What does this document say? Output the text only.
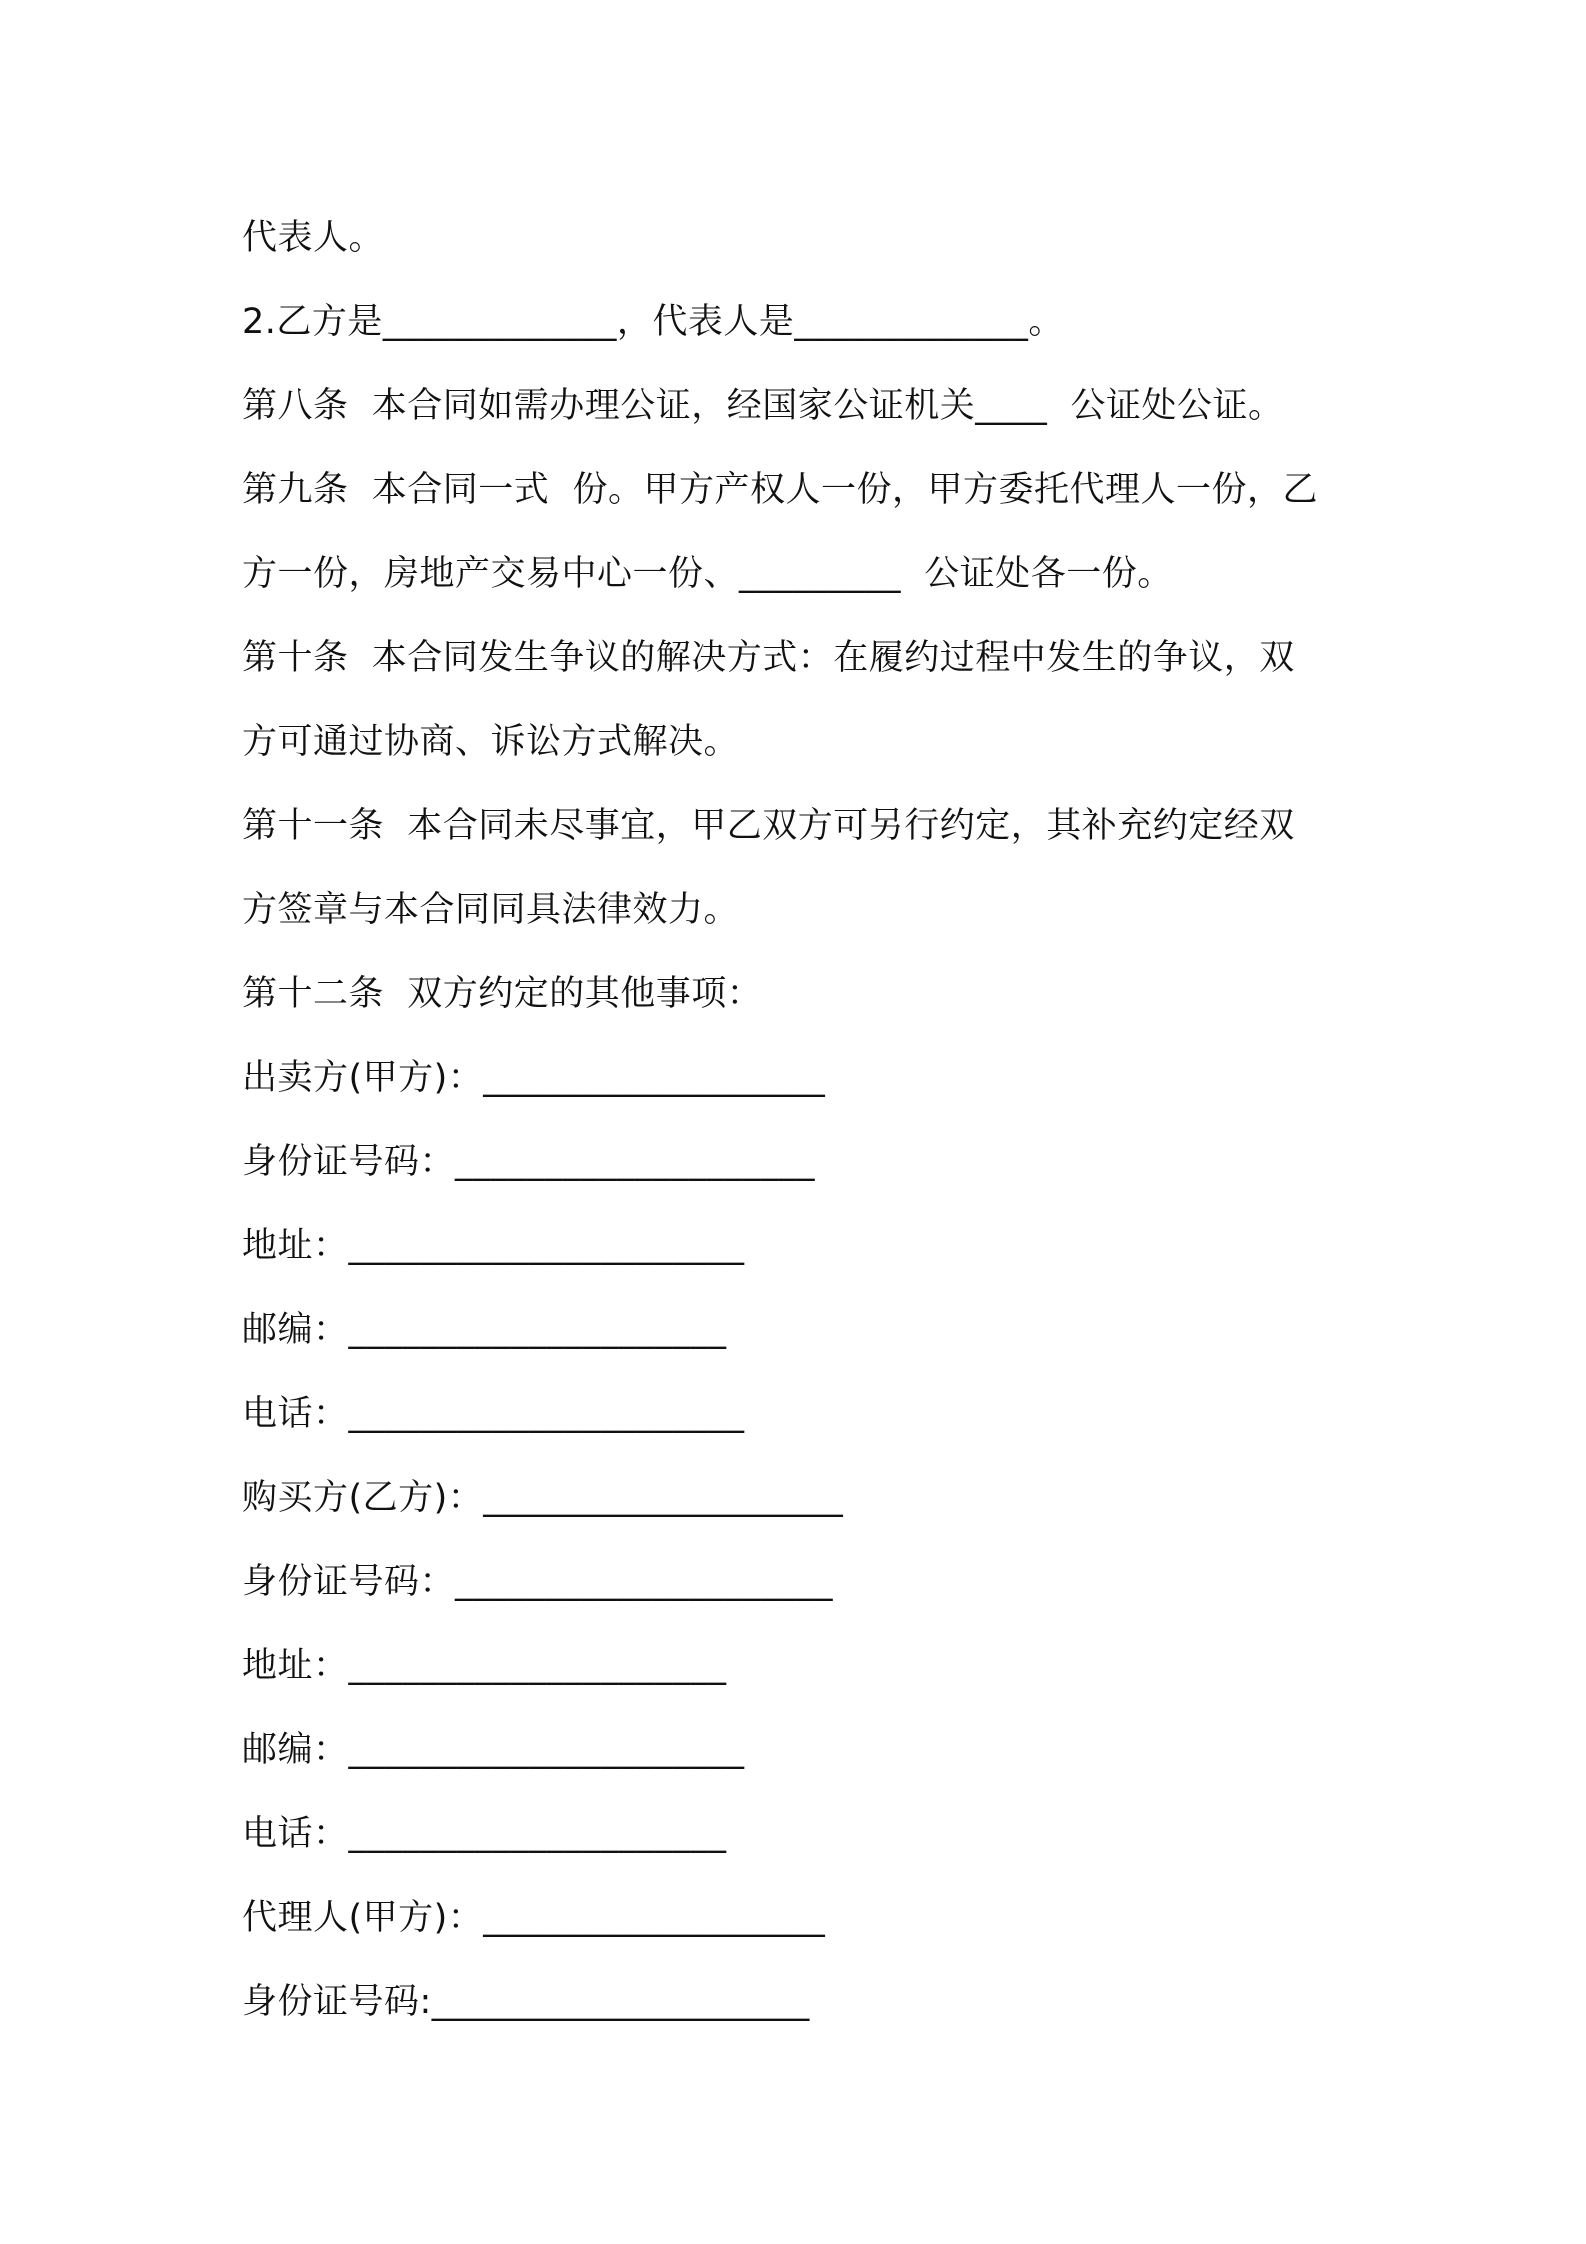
代表人。
2.乙方是_____________，代表人是_____________。
第八条  本合同如需办理公证，经国家公证机关____  公证处公证。
第九条  本合同一式  份。甲方产权人一份，甲方委托代理人一份，乙
方一份，房地产交易中心一份、_________  公证处各一份。
第十条  本合同发生争议的解决方式：在履约过程中发生的争议，双
方可通过协商、诉讼方式解决。
第十一条  本合同未尽事宜，甲乙双方可另行约定，其补充约定经双
方签章与本合同同具法律效力。
第十二条  双方约定的其他事项：
出卖方(甲方)：___________________
身份证号码：____________________
地址：______________________
邮编：_____________________
电话：______________________
购买方(乙方)：____________________
身份证号码：_____________________
地址：_____________________
邮编：______________________
电话：_____________________
代理人(甲方)：___________________
身份证号码:_____________________
